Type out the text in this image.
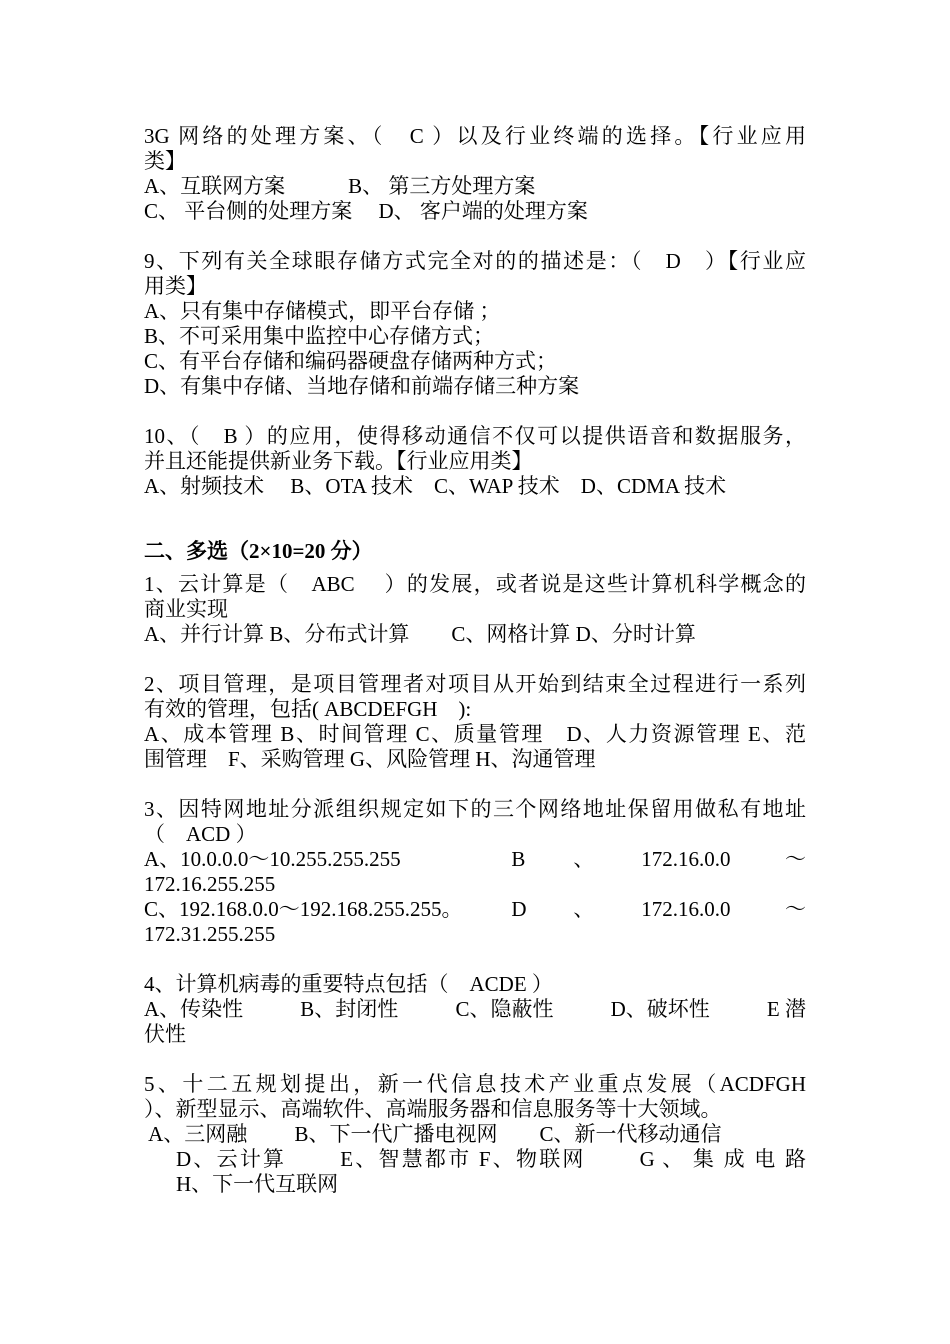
3G 网络的处理方案、（　C ）以及行业终端的选择。【行业应用

类】

A、互联网方案　　　B、 第三方处理方案

C、 平台侧的处理方案　 D、 客户端的处理方案

9、下列有关全球眼存储方式完全对的的描述是：（　D　）【行业应

用类】

A、只有集中存储模式，即平台存储 ；

B、不可采用集中监控中心存储方式；

C、有平台存储和编码器硬盘存储两种方式；

D、有集中存储、当地存储和前端存储三种方案

10、（　B ）的应用，使得移动通信不仅可以提供语音和数据服务，

并且还能提供新业务下载。【行业应用类】

A、射频技术　 B、OTA 技术　C、WAP 技术　D、CDMA 技术

二、多选（2×10=20 分）

1、云计算是（　ABC　 ）的发展，或者说是这些计算机科学概念的

商业实现

A、并行计算 B、分布式计算　　C、网格计算 D、分时计算

2、项目管理，是项目管理者对项目从开始到结束全过程进行一系列

有效的管理，包括( ABCDEFGH　):

A、成本管理 B、时间管理 C、质量管理　D、人力资源管理 E、范

围管理　F、采购管理 G、风险管理 H、沟通管理

3、因特网地址分派组织规定如下的三个网络地址保留用做私有地址

（　ACD ）

A、10.0.0.0～10.255.255.255	B	、	172.16.0.0	～

172.16.255.255

C、192.168.0.0～192.168.255.255。	D	、	172.16.0.0	～

172.31.255.255

4、计算机病毒的重要特点包括（　ACDE ）

A、传染性	B、封闭性	C、隐蔽性	D、破坏性	E 潜

伏性

5、十二五规划提出，新一代信息技术产业重点发展（ACDFGH

）、新型显示、高端软件、高端服务器和信息服务等十大领域。

A、三网融　　 B、下一代广播电视网　　C、新一代移动通信

D、云计算　　 E、智慧都市 F、物联网　　 G 、 集 成 电 路

H、下一代互联网
